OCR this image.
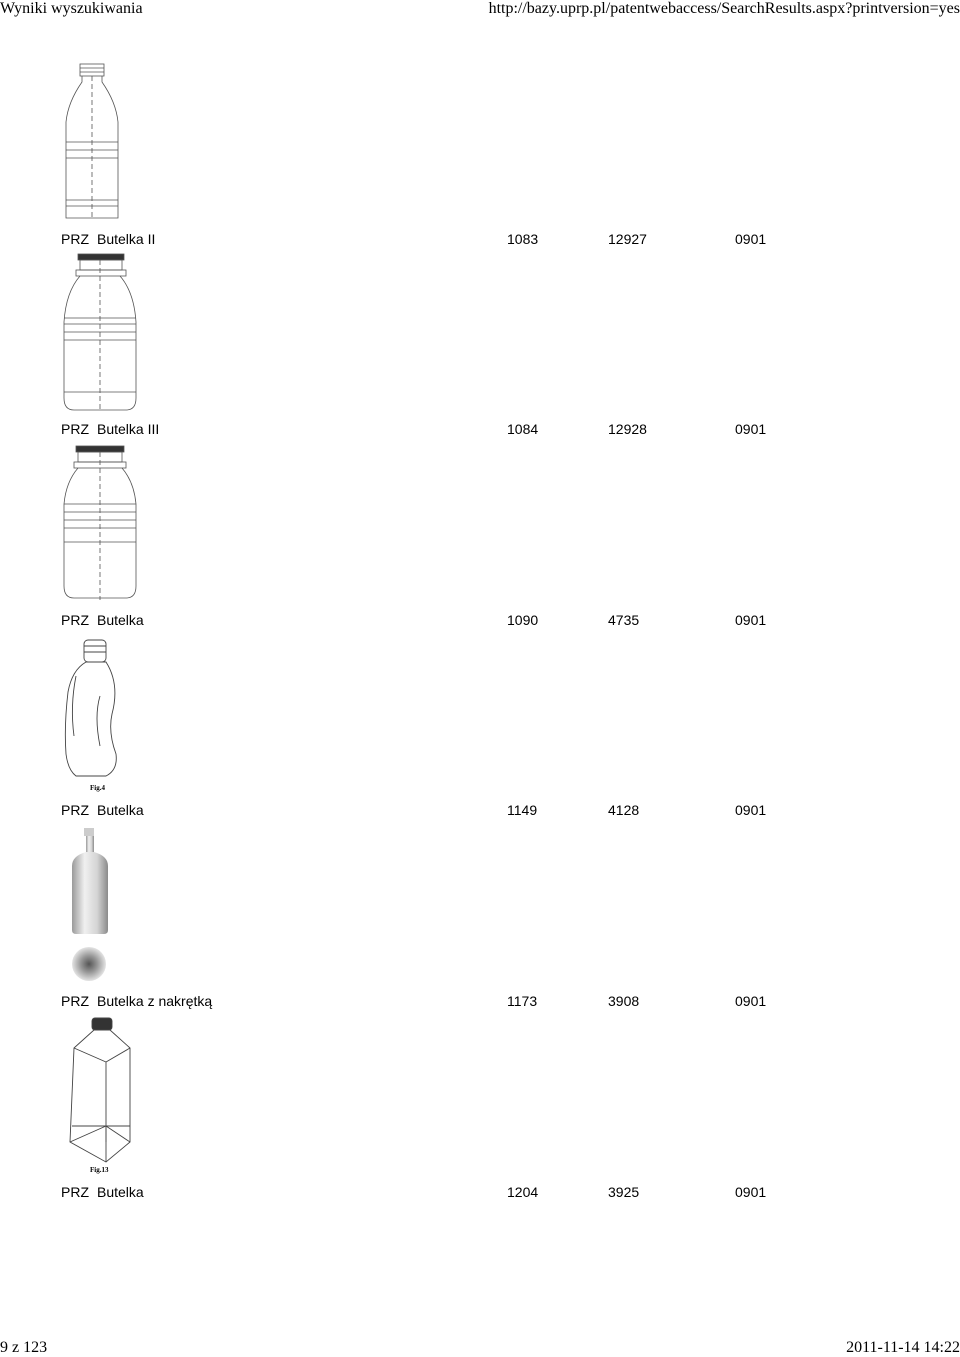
Wyniki wyszukiwania	http://bazy.uprp.pl/patentwebaccess/SearchResults.aspx?printversion=yes
PRZ Butelka II	1083	12927	0901
PRZ Butelka III	1084	12928	0901
PRZ Butelka	1090	4735	0901
Fig.4
PRZ Butelka	1149	4128	0901
PRZ Butelka z nakrętką	1173	3908	0901
Fig.13
PRZ Butelka	1204	3925	0901
9 z 123	2011-11-14 14:22
